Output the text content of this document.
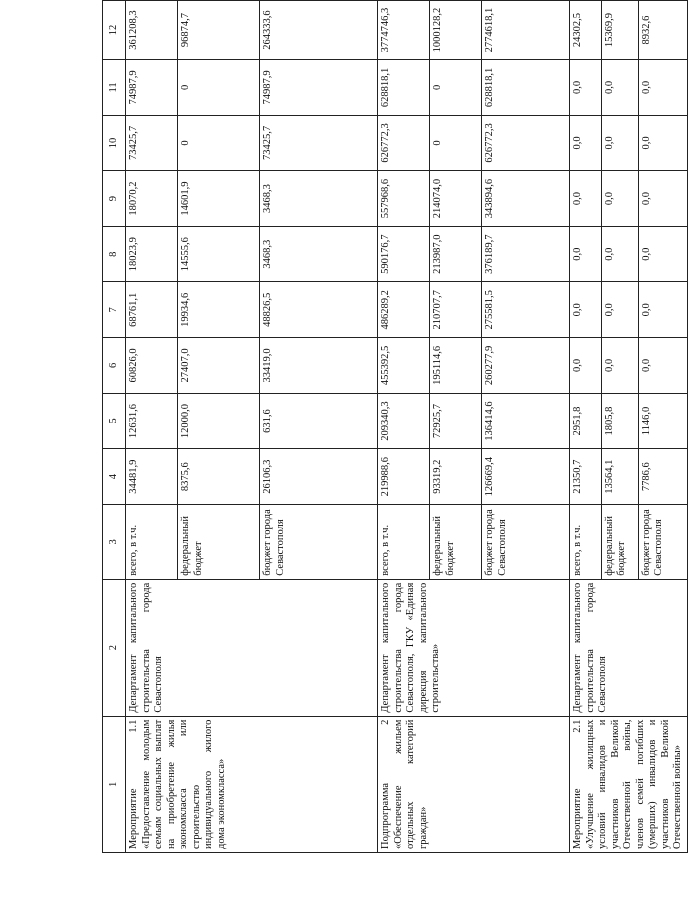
1	2	3	4	5	6	7	8	9	10	11	12
Мероприятие 1.1 «Предоставление молодым семьям социальных выплат на приобретение жилья экономкласса или строительство индивидуального жилого дома экономкласса»	Департамент капитального строительства города Севастополя	всего, в т.ч.	34481,9	12631,6	60826,0	68761,1	18023,9	18070,2	73425,7	74987,9	361208,3
		федеральный бюджет	8375,6	12000,0	27407,0	19934,6	14555,6	14601,9	0	0	96874,7
		бюджет города Севастополя	26106,3	631,6	33419,0	48826,5	3468,3	3468,3	73425,7	74987,9	264333,6
Подпрограмма 2 «Обеспечение жильем отдельных категорий граждан»	Департамент капитального строительства города Севастополя, ГКУ «Единая дирекция капитального строительства»	всего, в т.ч.	219988,6	209340,3	455392,5	486289,2	590176,7	557968,6	626772,3	628818,1	3774746,3
		федеральный бюджет	93319,2	72925,7	195114,6	210707,7	213987,0	214074,0	0	0	1000128,2
		бюджет города Севастополя	126669,4	136414,6	260277,9	275581,5	376189,7	343894,6	626772,3	628818,1	2774618,1
Мероприятие 2.1 «Улучшение жилищных условий инвалидов и участников Великой Отечественной войны, членов семей погибших (умерших) инвалидов и участников Великой Отечественной войны»	Департамент капитального строительства города Севастополя	всего, в т.ч.	21350,7	2951,8	0,0	0,0	0,0	0,0	0,0	0,0	24302,5
		федеральный бюджет	13564,1	1805,8	0,0	0,0	0,0	0,0	0,0	0,0	15369,9
		бюджет города Севастополя	7786,6	1146,0	0,0	0,0	0,0	0,0	0,0	0,0	8932,6
